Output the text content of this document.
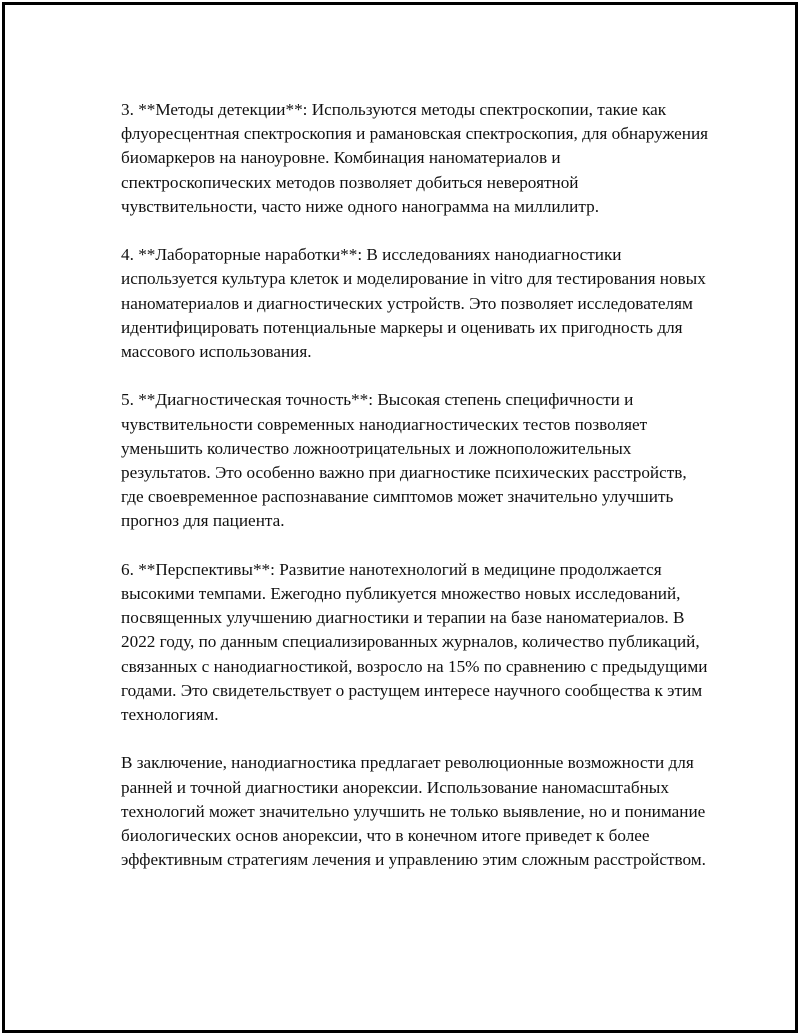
3. **Методы детекции**: Используются методы спектроскопии, такие как флуоресцентная спектроскопия и рамановская спектроскопия, для обнаружения биомаркеров на наноуровне. Комбинация наноматериалов и спектроскопических методов позволяет добиться невероятной чувствительности, часто ниже одного нанограмма на миллилитр.

4. **Лабораторные наработки**: В исследованиях нанодиагностики используется культура клеток и моделирование in vitro для тестирования новых наноматериалов и диагностических устройств. Это позволяет исследователям идентифицировать потенциальные маркеры и оценивать их пригодность для массового использования.

5. **Диагностическая точность**: Высокая степень специфичности и чувствительности современных нанодиагностических тестов позволяет уменьшить количество ложноотрицательных и ложноположительных результатов. Это особенно важно при диагностике психических расстройств, где своевременное распознавание симптомов может значительно улучшить прогноз для пациента.

6. **Перспективы**: Развитие нанотехнологий в медицине продолжается высокими темпами. Ежегодно публикуется множество новых исследований, посвященных улучшению диагностики и терапии на базе наноматериалов. В 2022 году, по данным специализированных журналов, количество публикаций, связанных с нанодиагностикой, возросло на 15% по сравнению с предыдущими годами. Это свидетельствует о растущем интересе научного сообщества к этим технологиям.

В заключение, нанодиагностика предлагает революционные возможности для ранней и точной диагностики анорексии. Использование наномасштабных технологий может значительно улучшить не только выявление, но и понимание биологических основ анорексии, что в конечном итоге приведет к более эффективным стратегиям лечения и управлению этим сложным расстройством.
